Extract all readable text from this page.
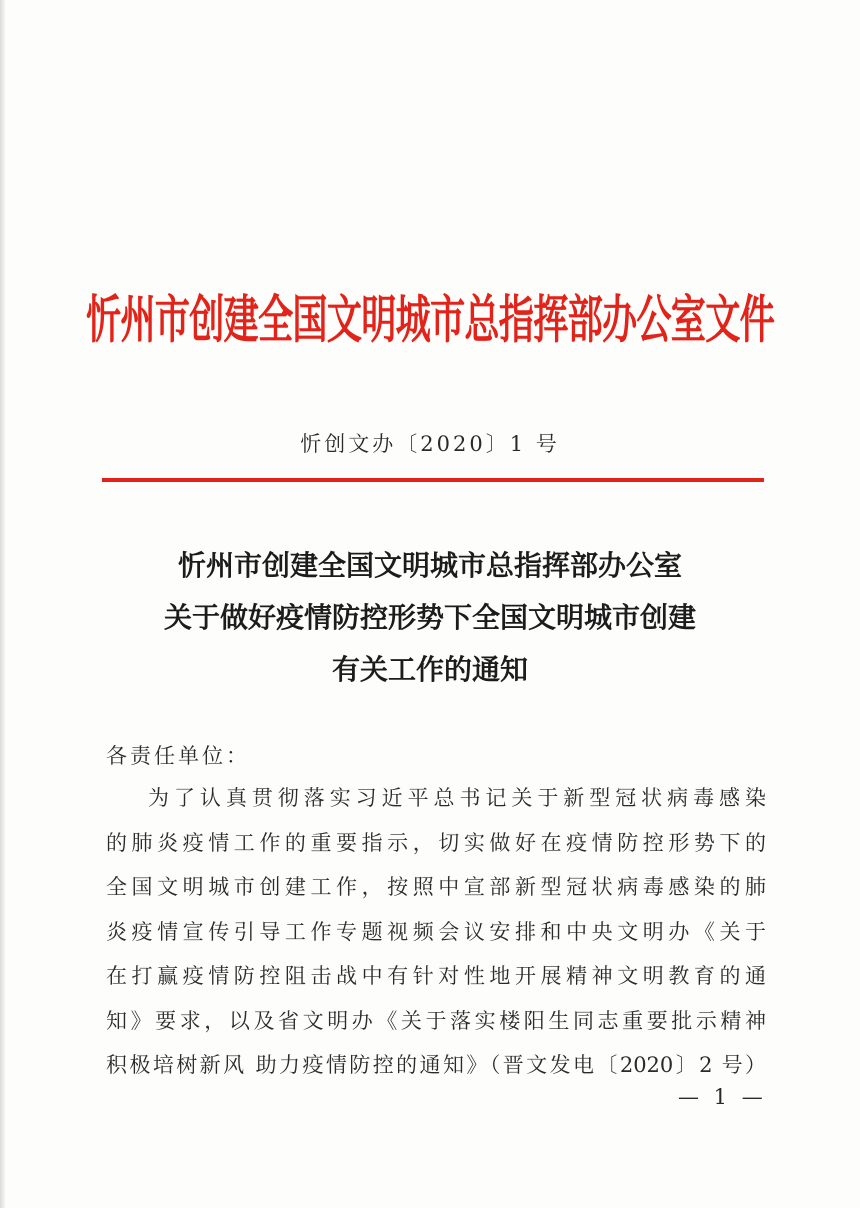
忻州市创建全国文明城市总指挥部办公室文件
忻创文办〔2020〕1 号
忻州市创建全国文明城市总指挥部办公室
关于做好疫情防控形势下全国文明城市创建
有关工作的通知
各责任单位：
为了认真贯彻落实习近平总书记关于新型冠状病毒感染
的肺炎疫情工作的重要指示，切实做好在疫情防控形势下的
全国文明城市创建工作，按照中宣部新型冠状病毒感染的肺
炎疫情宣传引导工作专题视频会议安排和中央文明办《关于
在打赢疫情防控阻击战中有针对性地开展精神文明教育的通
知》要求，以及省文明办《关于落实楼阳生同志重要批示精神
积极培树新风 助力疫情防控的通知》（晋文发电〔2020〕2 号）
— 1 —
